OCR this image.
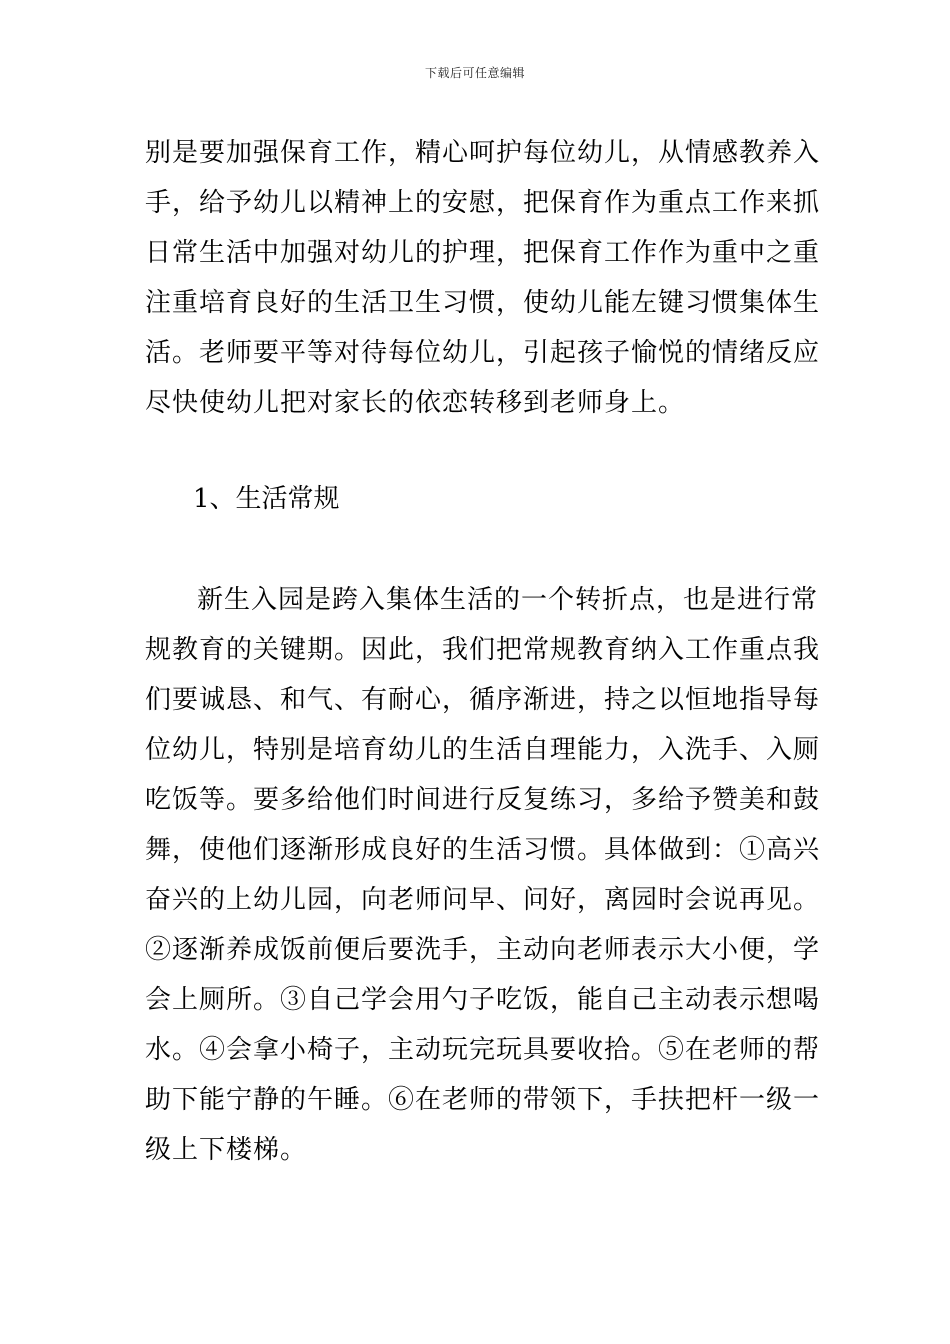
下载后可任意编辑
别是要加强保育工作，精心呵护每位幼儿，从情感教养入
手，给予幼儿以精神上的安慰，把保育作为重点工作来抓
日常生活中加强对幼儿的护理，把保育工作作为重中之重
注重培育良好的生活卫生习惯，使幼儿能左键习惯集体生
活。老师要平等对待每位幼儿，引起孩子愉悦的情绪反应
尽快使幼儿把对家长的依恋转移到老师身上。
1、生活常规
新生入园是跨入集体生活的一个转折点，也是进行常
规教育的关键期。因此，我们把常规教育纳入工作重点我
们要诚恳、和气、有耐心，循序渐进，持之以恒地指导每
位幼儿，特别是培育幼儿的生活自理能力，入洗手、入厕
吃饭等。要多给他们时间进行反复练习，多给予赞美和鼓
舞，使他们逐渐形成良好的生活习惯。具体做到：①高兴
奋兴的上幼儿园，向老师问早、问好，离园时会说再见。
②逐渐养成饭前便后要洗手，主动向老师表示大小便，学
会上厕所。③自己学会用勺子吃饭，能自己主动表示想喝
水。④会拿小椅子，主动玩完玩具要收拾。⑤在老师的帮
助下能宁静的午睡。⑥在老师的带领下，手扶把杆一级一
级上下楼梯。
